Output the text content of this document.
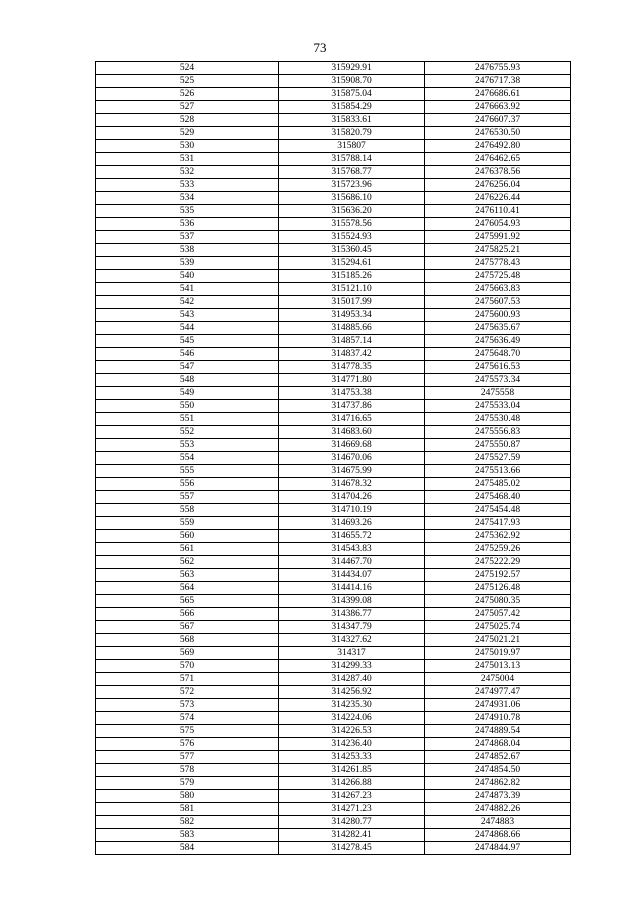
73
524	315929.91	2476755.93
525	315908.70	2476717.38
526	315875.04	2476686.61
527	315854.29	2476663.92
528	315833.61	2476607.37
529	315820.79	2476530.50
530	315807	2476492.80
531	315788.14	2476462.65
532	315768.77	2476378.56
533	315723.96	2476256.04
534	315686.10	2476226.44
535	315636.20	2476110.41
536	315578.56	2476054.93
537	315524.93	2475991.92
538	315360.45	2475825.21
539	315294.61	2475778.43
540	315185.26	2475725.48
541	315121.10	2475663.83
542	315017.99	2475607.53
543	314953.34	2475600.93
544	314885.66	2475635.67
545	314857.14	2475636.49
546	314837.42	2475648.70
547	314778.35	2475616.53
548	314771.80	2475573.34
549	314753.38	2475558
550	314737.86	2475533.04
551	314716.65	2475530.48
552	314683.60	2475556.83
553	314669.68	2475550.87
554	314670.06	2475527.59
555	314675.99	2475513.66
556	314678.32	2475485.02
557	314704.26	2475468.40
558	314710.19	2475454.48
559	314693.26	2475417.93
560	314655.72	2475362.92
561	314543.83	2475259.26
562	314467.70	2475222.29
563	314434.07	2475192.57
564	314414.16	2475126.48
565	314399.08	2475080.35
566	314386.77	2475057.42
567	314347.79	2475025.74
568	314327.62	2475021.21
569	314317	2475019.97
570	314299.33	2475013.13
571	314287.40	2475004
572	314256.92	2474977.47
573	314235.30	2474931.06
574	314224.06	2474910.78
575	314226.53	2474889.54
576	314236.40	2474868.04
577	314253.33	2474852.67
578	314261.85	2474854.50
579	314266.88	2474862.82
580	314267.23	2474873.39
581	314271.23	2474882.26
582	314280.77	2474883
583	314282.41	2474868.66
584	314278.45	2474844.97
